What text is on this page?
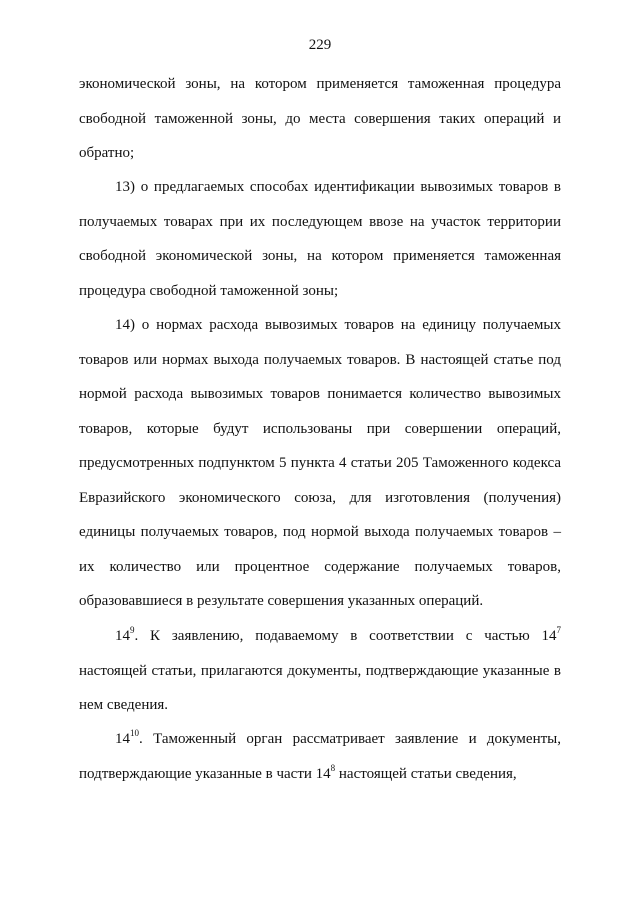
229

экономической зоны, на котором применяется таможенная процедура свободной таможенной зоны, до места совершения таких операций и обратно;

13) о предлагаемых способах идентификации вывозимых товаров в получаемых товарах при их последующем ввозе на участок территории свободной экономической зоны, на котором применяется таможенная процедура свободной таможенной зоны;

14) о нормах расхода вывозимых товаров на единицу получаемых товаров или нормах выхода получаемых товаров. В настоящей статье под нормой расхода вывозимых товаров понимается количество вывозимых товаров, которые будут использованы при совершении операций, предусмотренных подпунктом 5 пункта 4 статьи 205 Таможенного кодекса Евразийского экономического союза, для изготовления (получения) единицы получаемых товаров, под нормой выхода получаемых товаров – их количество или процентное содержание получаемых товаров, образовавшиеся в результате совершения указанных операций.

$14^9$. К заявлению, подаваемому в соответствии с частью $14^7$ настоящей статьи, прилагаются документы, подтверждающие указанные в нем сведения.

$14^{10}$. Таможенный орган рассматривает заявление и документы, подтверждающие указанные в части $14^8$ настоящей статьи сведения,
